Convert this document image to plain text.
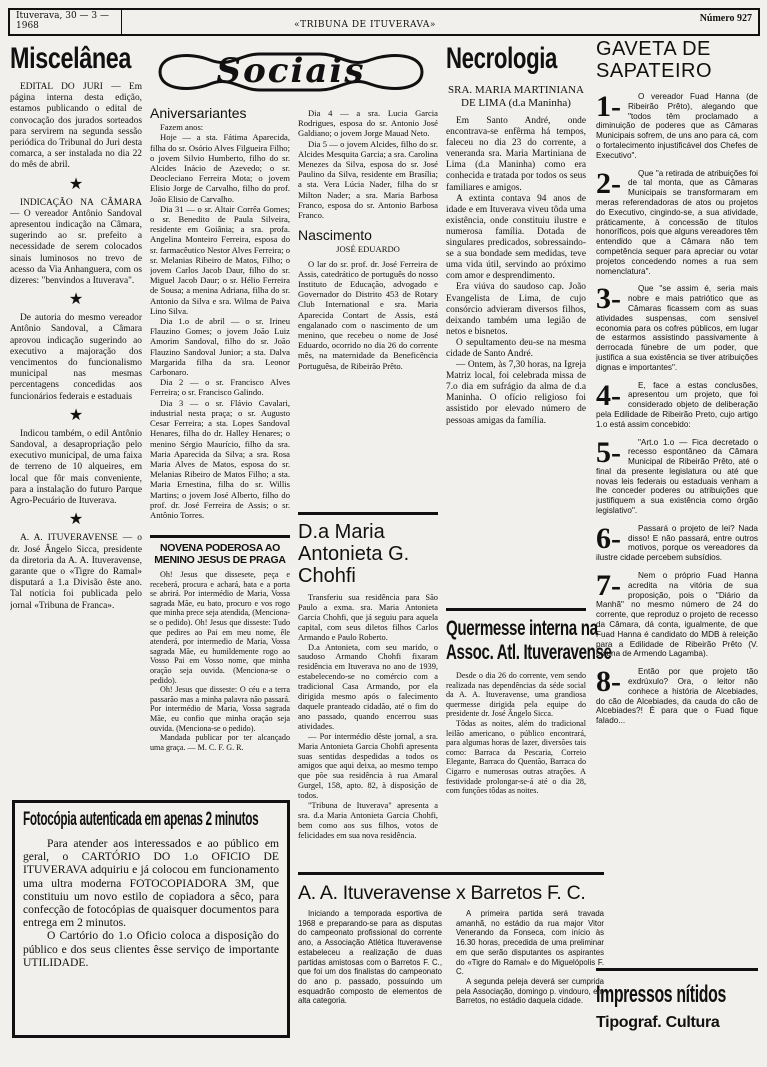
Ituverava, 30 — 3 — 1968	«TRIBUNA DE ITUVERAVA»
Número 927
Miscelânea

EDITAL DO JURI — Em página interna desta edição, estamos publicando o edital de convocação dos jurados sorteados para servirem na segunda sessão periódica do Tribunal do Juri desta comarca, a ser instalada no dia 22 do mês de abril.

★

INDICAÇÃO NA CÂMARA — O vereador Antônio Sandoval apresentou indicação na Câmara, sugerindo ao sr. prefeito a necessidade de serem colocados sinais luminosos no trevo de acesso da Via Anhanguera, com os dizeres: "benvindos a Ituverava".

★

De autoria do mesmo vereador Antônio Sandoval, a Câmara aprovou indicação sugerindo ao executivo a majoração dos vencimentos do funcionalismo municipal nas mesmas percentagens concedidas aos funcionários federais e estaduais

★

Indicou também, o edil Antônio Sandoval, a desapropriação pelo executivo municipal, de uma faixa de terreno de 10 alqueires, em local que fôr mais conveniente, para a instalação do futuro Parque Agro-Pecuário de Ituverava.

★

A. A. ITUVERAVENSE — o dr. José Ângelo Sicca, presidente da diretoria da A. A. Ituveravense, garante que o «Tigre do Ramal» disputará a 1.a Divisão êste ano. Tal notícia foi publicada pelo jornal «Tribuna de Franca».

Sociais
Aniversariantes

Fazem anos:

Hoje — a sta. Fátima Aparecida, filha do sr. Osório Alves Filgueira Filho; o jovem Silvio Humberto, filho do sr. Alcides Inácio de Azevedo; o sr. Deocleciano Ferreira Mota; o jovem Elisio Jorge de Carvalho, filho do prof. João Elisio de Carvalho.

Dia 31 — o sr. Altair Corrêa Gomes; o sr. Benedito de Paula Silveira, residente em Goiânia; a sra. profa. Angelina Monteiro Ferreira, esposa do sr. farmacêutico Nestor Alves Ferreira; o sr. Melanias Ribeiro de Matos, Filho; o jovem Carlos Jacob Daur, filho do sr. Miguel Jacob Daur; o sr. Hélio Ferreira de Sousa; a menina Adriana, filha do sr. Antonio da Silva e sra. Wilma de Paiva Lino Silva.

Dia 1.o de abril — o sr. Irineu Flauzino Gomes; o jovem João Luiz Amorim Sandoval, filho do sr. João Flauzino Sandoval Junior; a sta. Dalva Margarida filha da sra. Leonor Carbonaro.

Dia 2 — o sr. Francisco Alves Ferreira; o sr. Francisco Galindo.

Dia 3 — o sr. Flávio Cavalari, industrial nesta praça; o sr. Augusto Cesar Ferreira; a sta. Lopes Sandoval Henares, filha do dr. Halley Henares; o menino Sérgio Maurício, filho da sra. Maria Aparecida da Silva; a sra. Rosa Maria Alves de Matos, esposa do sr. Melanias Ribeiro de Matos Filho; a sta. Maria Ernestina, filha do sr. Willis Martins; o jovem José Alberto, filho do prof. dr. José Ferreira de Assis; o sr. Antônio Torres.

Dia 4 — a sra. Lucia Garcia Rodrigues, esposa do sr. Antonio José Galdiano; o jovem Jorge Mauad Neto.

Dia 5 — o jovem Alcides, filho do sr. Alcides Mesquita Garcia; a sra. Carolina Menezes da Silva, esposa do sr. José Paulino da Silva, residente em Brasília; a sta. Vera Lúcia Nader, filha do sr Milton Nader; a sra. Maria Barbosa Franco, esposa do sr. Antonio Barbosa Franco.

Nascimento
JOSÉ EDUARDO

O lar do sr. prof. dr. José Ferreira de Assis, catedrático de português do nosso Instituto de Educação, advogado e Governador do Distrito 453 de Rotary Club International e sra. Maria Aparecida Contart de Assis, está engalanado com o nascimento de um menino, que recebeu o nome de José Eduardo, ocorrido no dia 26 do corrente mês, na maternidade da Beneficência Portuguêsa, de Ribeirão Prêto.

NOVENA PODEROSA AO MENINO JESUS DE PRAGA

Oh! Jesus que dissesete, peça e receberá, procura e achará, bata e a porta se abrirá. Por intermédio de Maria, Vossa sagrada Mãe, eu bato, procuro e vos rogo que minha prece seja atendida, (Menciona-se o pedido). Oh! Jesus que disseste: Tudo que pedires ao Pai em meu nome, êle atenderá, por intermedio de Maria, Vossa sagrada Mãe, eu humildemente rogo ao Vosso Pai em Vosso nome, que minha oração seja ouvida. (Menciona-se o pedido).

Oh! Jesus que disseste: O céu e a terra passarão mas a minha palavra não passará. Por intermédio de Maria, Vossa sagrada Mãe, eu confio que minha oração seja ouvida. (Menciona-se o pedido).

Mandada publicar por ter alcançado uma graça. — M. C. F. G. R.

D.a Maria Antonieta G. Chohfi

Transferiu sua residência para São Paulo a exma. sra. Maria Antonieta Garcia Chohfi, que já seguiu para aquela capital, com seus diletos filhos Carlos Armando e Paulo Roberto.

D.a Antonieta, com seu marido, o saudoso Armando Chohfi fixaram residência em Ituverava no ano de 1939, estabelecendo-se no comércio com a tradicional Casa Armando, por ela dirigida mesmo após o falecimento daquele pranteado cidadão, até o fim do ano passado, quando encerrou suas atividades.

— Por intermédio dêste jornal, a sra. Maria Antonieta Garcia Chohfi apresenta suas sentidas despedidas a todos os amigos que aqui deixa, ao mesmo tempo que põe sua residência à rua Amaral Gurgel, 158, apto. 82, à disposição de todos.

"Tribuna de Ituverava" apresenta a sra. d.a Maria Antonieta Garcia Chohfi, bem como aos sus filhos, votos de felicidades em sua nova residência.

Necrologia
SRA. MARIA MARTINIANA DE LIMA (d.a Maninha)

Em Santo André, onde encontrava-se enfêrma há tempos, faleceu no dia 23 do corrente, a veneranda sra. Maria Martiniana de Lima (d.a Maninha) como era conhecida e tratada por todos os seus familiares e amigos.

A extinta contava 94 anos de idade e em Ituverava viveu tôda uma existência, onde constituiu ilustre e numerosa família. Dotada de singulares predicados, sobressaindo-se a sua bondade sem medidas, teve uma vida útil, servindo ao próximo com amor e desprendimento.

Era viúva do saudoso cap. João Evangelista de Lima, de cujo consórcio advieram diversos filhos, deixando também uma legião de netos e bisnetos.

O sepultamento deu-se na mesma cidade de Santo André.

— Ontem, às 7,30 horas, na Igreja Matriz local, foi celebrada missa de 7.o dia em sufrágio da alma de d.a Maninha. O ofício religioso foi assistido por elevado número de pessoas amigas da família.

Quermesse interna na
Assoc. Atl. Ituveravense

Desde o dia 26 do corrente, vem sendo realizada nas dependências da séde social da A. A. Ituveravense, uma grandiosa quermesse dirigida pela equipe do presidente dr. José Ângelo Sicca.

Tôdas as noites, além do tradicional leilão americano, o público encontrará, para algumas horas de lazer, diversões tais como: Barraca da Pescaria, Correio Elegante, Barraca do Quentão, Barraca do Cigarro e numerosas outras atrações. A festividade prolongar-se-á até o dia 28, com funções tôdas as noites.

Fotocópia autenticada em apenas 2 minutos

Para atender aos interessados e ao público em geral, o CARTÓRIO DO 1.o OFICIO DE ITUVERAVA adquiriu e já colocou em funcionamento uma ultra moderna FOTOCOPIADORA 3M, que constituiu um novo estilo de copiadora a sêco, para confecção de fotocópias de quaisquer documentos para entrega em 2 minutos.

O Cartório do 1.o Oficio coloca a disposição do público e dos seus clientes êsse serviço de importante UTILIDADE.

A. A. Ituveravense x Barretos F. C.

Iniciando a temporada esportiva de 1968 e preparando-se para as disputas do campeonato profissional do corrente ano, a Associação Atlética Ituveravense estabeleceu a realização de duas partidas amistosas com o Barretos F. C., que foi um dos finalistas do campeonato do ano p. passado, possuindo um esquadrão composto de elementos de alta categoria.

A primeira partida será travada amanhã, no estádio da rua major Vitor Venerando da Fonseca, com início às 16.30 horas, precedida de uma preliminar em que serão disputantes os aspirantes do «Tigre do Ramal» e do Miguelópolis F. C.

A segunda peleja deverá ser cumprida pela Associação, domingo p. vindouro, em Barretos, no estádio daquela cidade.

GAVETA DE
SAPATEIRO
1-	O vereador Fuad Hanna (de Ribeirão Prêto), alegando que "todos têm proclamado a diminuição de poderes que as Câmaras Municipais sofrem, de uns ano para cá, com o fortalecimento injustificável dos Chefes de Executivo".

2-	Que "a retirada de atribuições foi de tal monta, que as Câmaras Municipais se transformaram em meras referendadoras de atos ou projetos do Executivo, cingindo-se, a sua atividade, práticamente, à concessão de títulos honoríficos, pois que alguns vereadores têm entendido que a Câmara não tem competência sequer para apreciar ou votar projetos concedendo nomes a rua sem nomenclatura".

3-	Que "se assim é, seria mais nobre e mais patriótico que as Câmaras ficassem com as suas atividades suspensas, com sensivel economia para os cofres públicos, em lugar de estarmos assistindo passivamente à derrocada fúnebre de um poder, que justifica a sua existência se tiver atribuições dignas e importantes".

4-	E, face a estas conclusões, apresentou um projeto, que foi considerado objeto de deliberação pela Edilidade de Ribeirão Preto, cujo artigo 1.o está assim concebido:

5-	"Art.o 1.o — Fica decretado o recesso espontâneo da Câmara Municipal de Ribeirão Prêto, até o final da presente legislatura ou até que novas leis federais ou estaduais venham a lhe conceder poderes ou atribuições que justifiquem a sua existência como órgão legislativo".

6-	Passará o projeto de lei? Nada disso! E não passará, entre outros motivos, porque os vereadores da ilustre cidade percebem subsídios.

7-	Nem o próprio Fuad Hanna acredita na vitória de sua proposição, pois o "Diário da Manhã" no mesmo número de 24 do corrente, que reproduz o projeto de recesso da Câmara, dá conta, igualmente, de que Fuad Hanna é candidato do MDB à releição para a Edilidade de Ribeirão Prêto (V. coluna de Armendo Lagamba).

8-	Então por que projeto tão exdrúxulo? Ora, o leitor não conhece a história de Alcebiades, do cão de Alcebiades, da cauda do cão de Alcebiades?! É para que o Fuad fique falado...

Impressos nítidos
Tipograf. Cultura
